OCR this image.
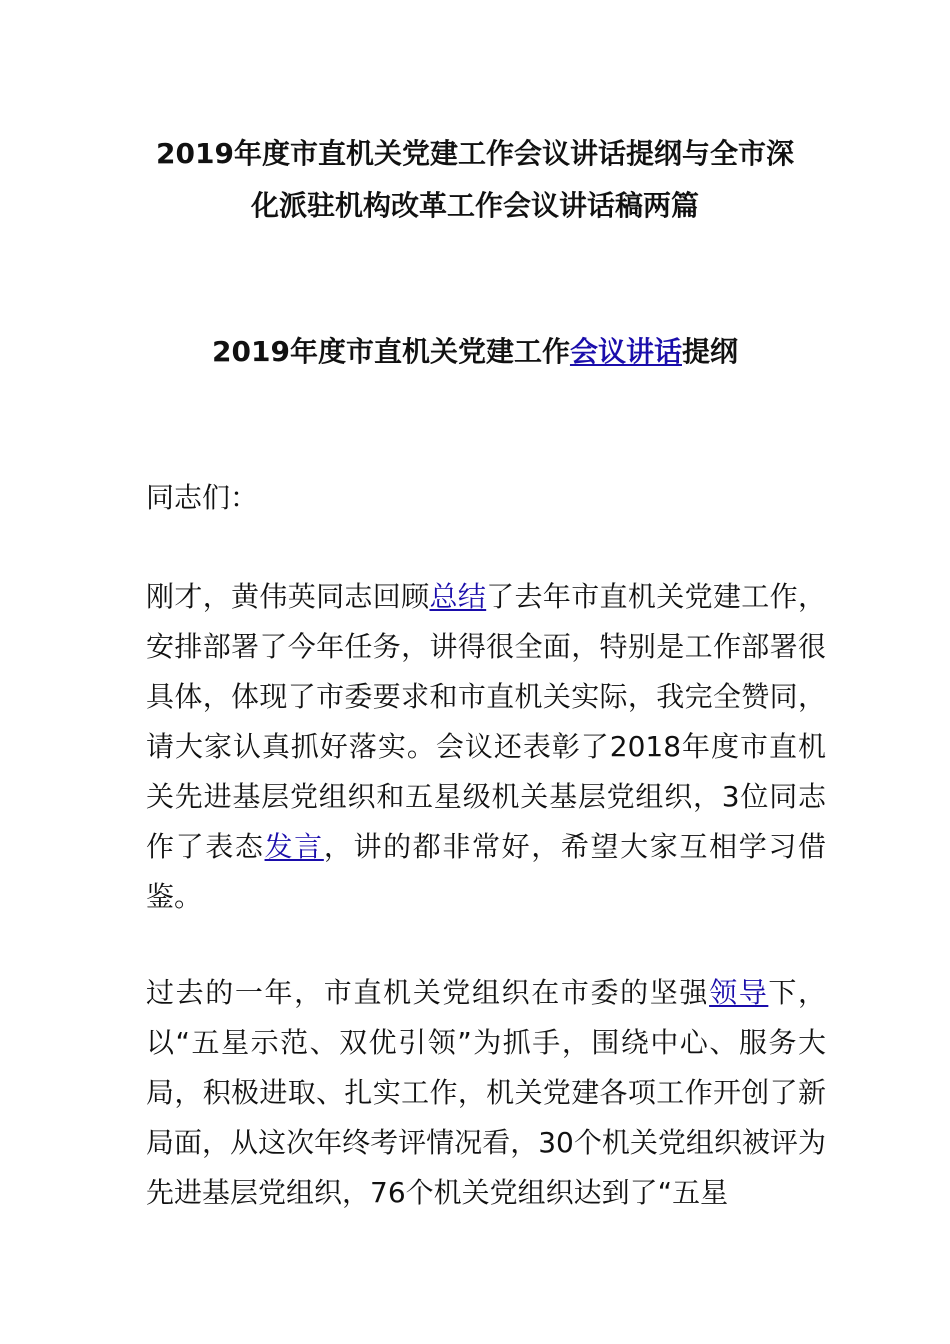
2019年度市直机关党建工作会议讲话提纲与全市深
化派驻机构改革工作会议讲话稿两篇
2019年度市直机关党建工作会议讲话提纲

同志们：

刚才，黄伟英同志回顾总结了去年市直机关党建工作，安排部署了今年任务，讲得很全面，特别是工作部署很具体，体现了市委要求和市直机关实际，我完全赞同，请大家认真抓好落实。会议还表彰了2018年度市直机关先进基层党组织和五星级机关基层党组织，3位同志作了表态发言，讲的都非常好，希望大家互相学习借鉴。

过去的一年，市直机关党组织在市委的坚强领导下，以“五星示范、双优引领”为抓手，围绕中心、服务大局，积极进取、扎实工作，机关党建各项工作开创了新局面，从这次年终考评情况看，30个机关党组织被评为先进基层党组织，76个机关党组织达到了“五星
